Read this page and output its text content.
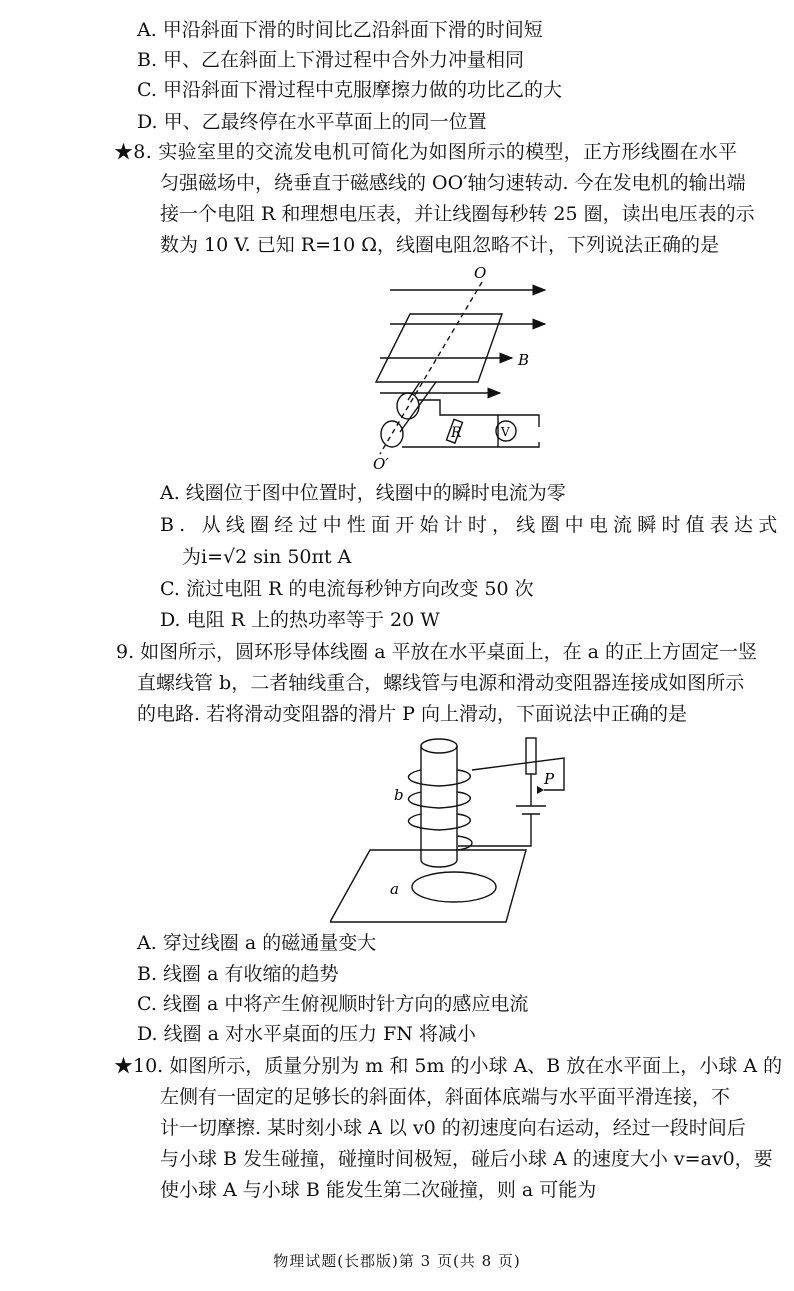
A. 甲沿斜面下滑的时间比乙沿斜面下滑的时间短
B. 甲、乙在斜面上下滑过程中合外力冲量相同
C. 甲沿斜面下滑过程中克服摩擦力做的功比乙的大
D. 甲、乙最终停在水平草面上的同一位置
★8. 实验室里的交流发电机可简化为如图所示的模型，正方形线圈在水平
匀强磁场中，绕垂直于磁感线的 OO′轴匀速转动. 今在发电机的输出端
接一个电阻 R 和理想电压表，并让线圈每秒转 25 圈，读出电压表的示
数为 10 V. 已知 R=10 Ω，线圈电阻忽略不计，下列说法正确的是
O
O′
B
R	V
A. 线圈位于图中位置时，线圈中的瞬时电流为零
B. 从线圈经过中性面开始计时，线圈中电流瞬时值表达式
为i=√2 sin 50πt A
C. 流过电阻 R 的电流每秒钟方向改变 50 次
D. 电阻 R 上的热功率等于 20 W
9. 如图所示，圆环形导体线圈 a 平放在水平桌面上，在 a 的正上方固定一竖
直螺线管 b，二者轴线重合，螺线管与电源和滑动变阻器连接成如图所示
的电路. 若将滑动变阻器的滑片 P 向上滑动，下面说法中正确的是
b
P
a
A. 穿过线圈 a 的磁通量变大
B. 线圈 a 有收缩的趋势
C. 线圈 a 中将产生俯视顺时针方向的感应电流
D. 线圈 a 对水平桌面的压力 FN 将减小
★10. 如图所示，质量分别为 m 和 5m 的小球 A、B 放在水平面上，小球 A 的
左侧有一固定的足够长的斜面体，斜面体底端与水平面平滑连接，不
计一切摩擦. 某时刻小球 A 以 v0 的初速度向右运动，经过一段时间后
与小球 B 发生碰撞，碰撞时间极短，碰后小球 A 的速度大小 v=av0，要
使小球 A 与小球 B 能发生第二次碰撞，则 a 可能为
物理试题(长郡版)第 3 页(共 8 页)
